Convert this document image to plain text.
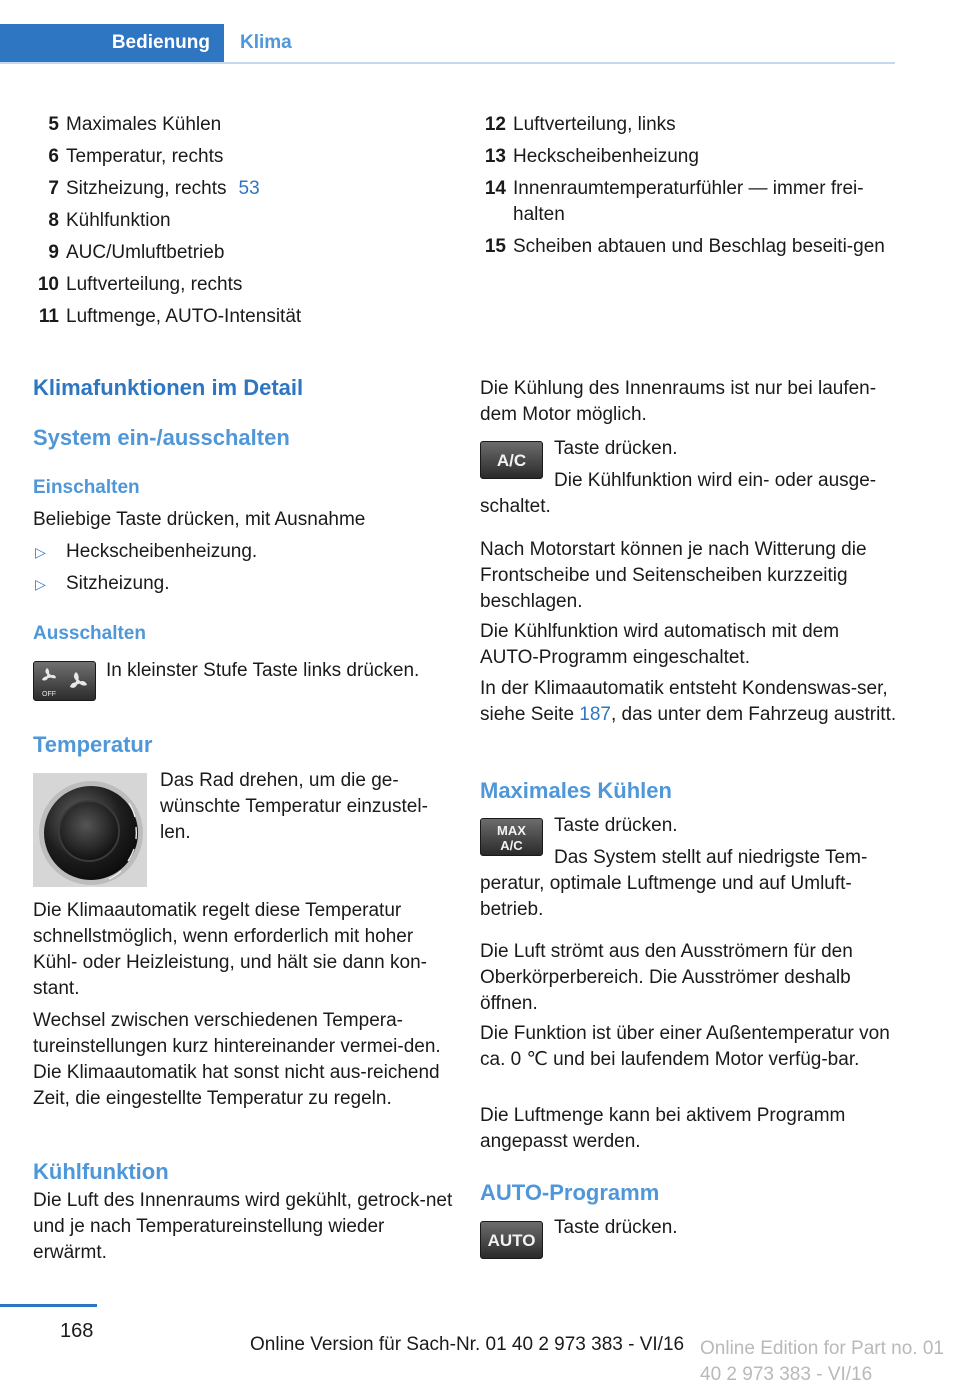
Bedienung	Klima
5 Maximales Kühlen
6 Temperatur, rechts
7 Sitzheizung, rechts 53
8 Kühlfunktion
9 AUC/Umluftbetrieb
10 Luftverteilung, rechts
11 Luftmenge, AUTO-Intensität
12 Luftverteilung, links
13 Heckscheibenheizung
14 Innenraumtemperaturfühler — immer frei-halten
15 Scheiben abtauen und Beschlag beseiti-gen
Klimafunktionen im Detail
System ein-/ausschalten
Einschalten

Beliebige Taste drücken, mit Ausnahme

▷ Heckscheibenheizung.
▷ Sitzheizung.
Ausschalten
OFF

In kleinster Stufe Taste links drücken.

Temperatur

Das Rad drehen, um die ge-wünschte Temperatur einzustel-len.

Die Klimaautomatik regelt diese Temperatur schnellstmöglich, wenn erforderlich mit hoher Kühl- oder Heizleistung, und hält sie dann kon-stant.

Wechsel zwischen verschiedenen Tempera-tureinstellungen kurz hintereinander vermei-den. Die Klimaautomatik hat sonst nicht aus-reichend Zeit, die eingestellte Temperatur zu regeln.

Kühlfunktion

Die Luft des Innenraums wird gekühlt, getrock-net und je nach Temperatureinstellung wieder erwärmt.

Die Kühlung des Innenraums ist nur bei laufen-dem Motor möglich.

A/C

Taste drücken.

Die Kühlfunktion wird ein- oder ausge-schaltet.

Nach Motorstart können je nach Witterung die Frontscheibe und Seitenscheiben kurzzeitig beschlagen.

Die Kühlfunktion wird automatisch mit dem AUTO-Programm eingeschaltet.

In der Klimaautomatik entsteht Kondenswas-ser, siehe Seite 187, das unter dem Fahrzeug austritt.

Maximales Kühlen
MAX
A/C

Taste drücken.

Das System stellt auf niedrigste Tem-peratur, optimale Luftmenge und auf Umluft-betrieb.

Die Luft strömt aus den Ausströmern für den Oberkörperbereich. Die Ausströmer deshalb öffnen.

Die Funktion ist über einer Außentemperatur von ca. 0 ℃ und bei laufendem Motor verfüg-bar.

Die Luftmenge kann bei aktivem Programm angepasst werden.

AUTO-Programm
AUTO

Taste drücken.

168
Online Version für Sach-Nr. 01 40 2 973 383 - VI/16 Online Edition for Part no. 01 40 2 973 383 - VI/16
